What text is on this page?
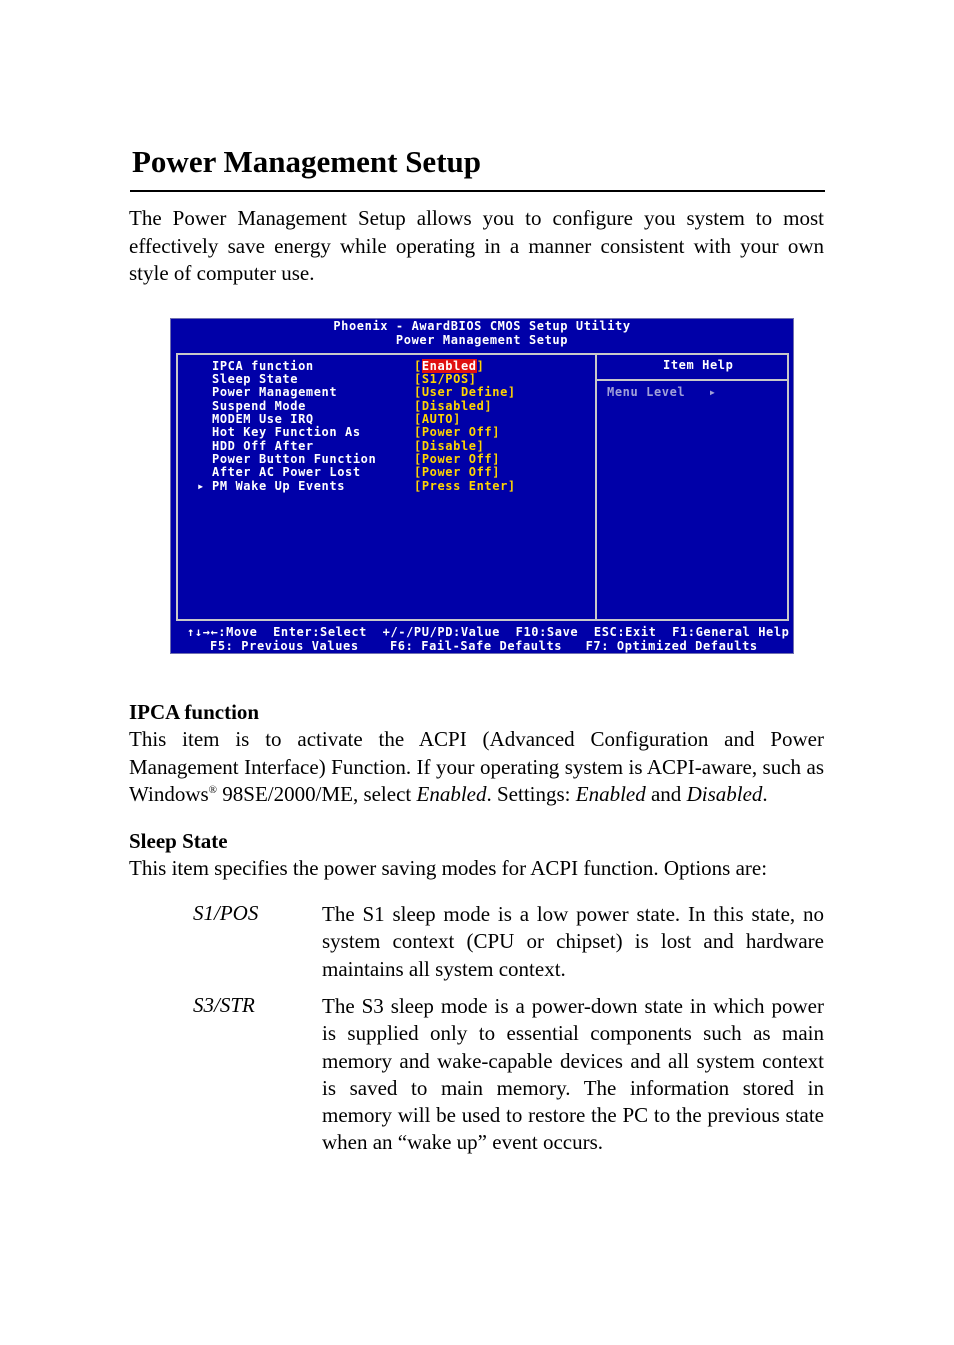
Power Management Setup

The Power Management Setup allows you to configure you system to most effectively save energy while operating in a manner consistent with your own style of computer use.

Phoenix - AwardBIOS CMOS Setup Utility
Power Management Setup
IPCA function	[Enabled]
Sleep State	[S1/POS]
Power Management	[User Define]
Suspend Mode	[Disabled]
MODEM Use IRQ	[AUTO]
Hot Key Function As	[Power Off]
HDD Off After	[Disable]
Power Button Function	[Power Off]
After AC Power Lost	[Power Off]
▸ PM Wake Up Events	[Press Enter]
Item Help
Menu Level   ▸
↑↓→←:Move  Enter:Select  +/-/PU/PD:Value  F10:Save  ESC:Exit  F1:General Help
F5: Previous Values    F6: Fail-Safe Defaults   F7: Optimized Defaults
IPCA function

This item is to activate the ACPI (Advanced Configuration and Power Management Interface) Function. If your operating system is ACPI-aware, such as Windows® 98SE/2000/ME, select Enabled. Settings: Enabled and Disabled.

Sleep State

This item specifies the power saving modes for ACPI function. Options are:

S1/POS	The S1 sleep mode is a low power state. In this state, no system context (CPU or chipset) is lost and hardware maintains all system context.

S3/STR	The S3 sleep mode is a power-down state in which power is supplied only to essential components such as main memory and wake-capable devices and all system context is saved to main memory. The information stored in memory will be used to restore the PC to the previous state when an “wake up” event occurs.
